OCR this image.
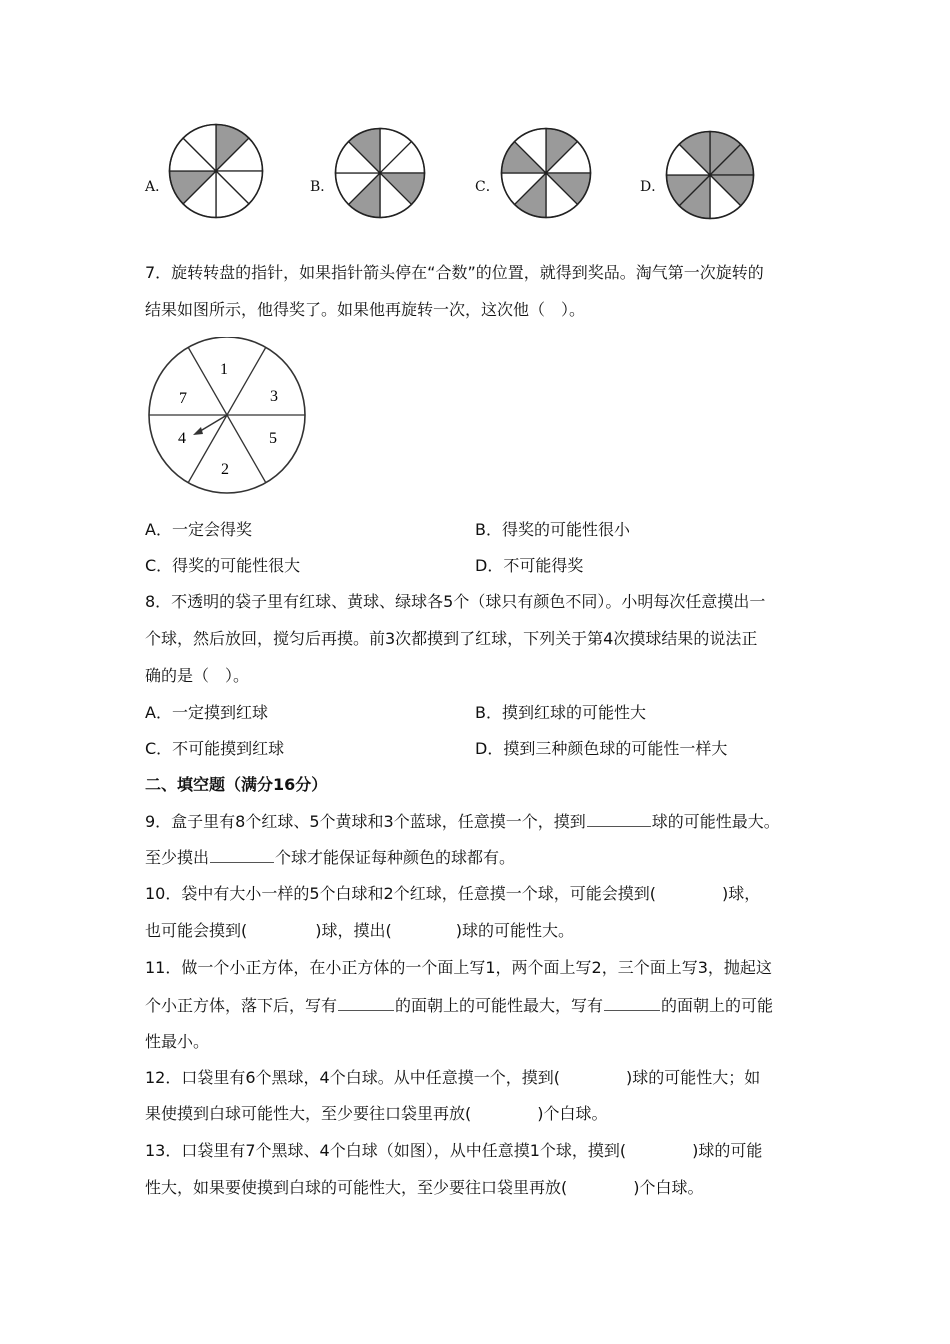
A．	B．	C．	D．
7．旋转转盘的指针，如果指针箭头停在“合数”的位置，就得到奖品。淘气第一次旋转的
结果如图所示，他得奖了。如果他再旋转一次，这次他（　）。
1
3
5
2
4
7
A．一定会得奖	B．得奖的可能性很小
C．得奖的可能性很大	D．不可能得奖
8．不透明的袋子里有红球、黄球、绿球各5个（球只有颜色不同）。小明每次任意摸出一
个球，然后放回，搅匀后再摸。前3次都摸到了红球，下列关于第4次摸球结果的说法正
确的是（　）。
A．一定摸到红球	B．摸到红球的可能性大
C．不可能摸到红球	D．摸到三种颜色球的可能性一样大
二、填空题（满分16分）
9．盒子里有8个红球、5个黄球和3个蓝球，任意摸一个，摸到	球的可能性最大。
至少摸出	个球才能保证每种颜色的球都有。
10．袋中有大小一样的5个白球和2个红球，任意摸一个球，可能会摸到(	)球，
也可能会摸到(	)球，摸出(	)球的可能性大。
11．做一个小正方体，在小正方体的一个面上写1，两个面上写2，三个面上写3，抛起这
个小正方体，落下后，写有	的面朝上的可能性最大，写有	的面朝上的可能
性最小。
12．口袋里有6个黑球，4个白球。从中任意摸一个，摸到(	)球的可能性大；如
果使摸到白球可能性大，至少要往口袋里再放(	)个白球。
13．口袋里有7个黑球、4个白球（如图），从中任意摸1个球，摸到(	)球的可能
性大，如果要使摸到白球的可能性大，至少要往口袋里再放(	)个白球。
